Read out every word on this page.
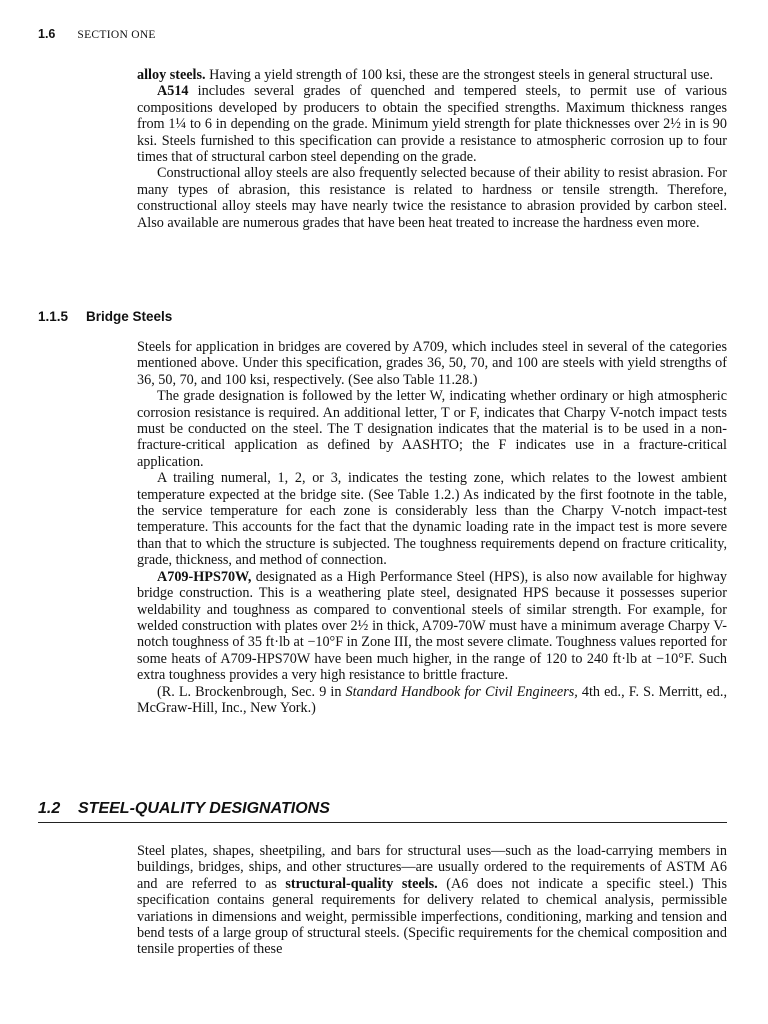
1.6 SECTION ONE

alloy steels. Having a yield strength of 100 ksi, these are the strongest steels in general structural use.

A514 includes several grades of quenched and tempered steels, to permit use of various compositions developed by producers to obtain the specified strengths. Maximum thickness ranges from 1¼ to 6 in depending on the grade. Minimum yield strength for plate thicknesses over 2½ in is 90 ksi. Steels furnished to this specification can provide a resistance to atmospheric corrosion up to four times that of structural carbon steel depending on the grade.

Constructional alloy steels are also frequently selected because of their ability to resist abrasion. For many types of abrasion, this resistance is related to hardness or tensile strength. Therefore, constructional alloy steels may have nearly twice the resistance to abrasion provided by carbon steel. Also available are numerous grades that have been heat treated to increase the hardness even more.

1.1.5 Bridge Steels

Steels for application in bridges are covered by A709, which includes steel in several of the categories mentioned above. Under this specification, grades 36, 50, 70, and 100 are steels with yield strengths of 36, 50, 70, and 100 ksi, respectively. (See also Table 11.28.)

The grade designation is followed by the letter W, indicating whether ordinary or high atmospheric corrosion resistance is required. An additional letter, T or F, indicates that Charpy V-notch impact tests must be conducted on the steel. The T designation indicates that the material is to be used in a non-fracture-critical application as defined by AASHTO; the F indicates use in a fracture-critical application.

A trailing numeral, 1, 2, or 3, indicates the testing zone, which relates to the lowest ambient temperature expected at the bridge site. (See Table 1.2.) As indicated by the first footnote in the table, the service temperature for each zone is considerably less than the Charpy V-notch impact-test temperature. This accounts for the fact that the dynamic loading rate in the impact test is more severe than that to which the structure is subjected. The toughness requirements depend on fracture criticality, grade, thickness, and method of connection.

A709-HPS70W, designated as a High Performance Steel (HPS), is also now available for highway bridge construction. This is a weathering plate steel, designated HPS because it possesses superior weldability and toughness as compared to conventional steels of similar strength. For example, for welded construction with plates over 2½ in thick, A709-70W must have a minimum average Charpy V-notch toughness of 35 ft·lb at −10°F in Zone III, the most severe climate. Toughness values reported for some heats of A709-HPS70W have been much higher, in the range of 120 to 240 ft·lb at −10°F. Such extra toughness provides a very high resistance to brittle fracture.

(R. L. Brockenbrough, Sec. 9 in Standard Handbook for Civil Engineers, 4th ed., F. S. Merritt, ed., McGraw-Hill, Inc., New York.)

1.2 STEEL-QUALITY DESIGNATIONS

Steel plates, shapes, sheetpiling, and bars for structural uses—such as the load-carrying members in buildings, bridges, ships, and other structures—are usually ordered to the requirements of ASTM A6 and are referred to as structural-quality steels. (A6 does not indicate a specific steel.) This specification contains general requirements for delivery related to chemical analysis, permissible variations in dimensions and weight, permissible imperfections, conditioning, marking and tension and bend tests of a large group of structural steels. (Specific requirements for the chemical composition and tensile properties of these
